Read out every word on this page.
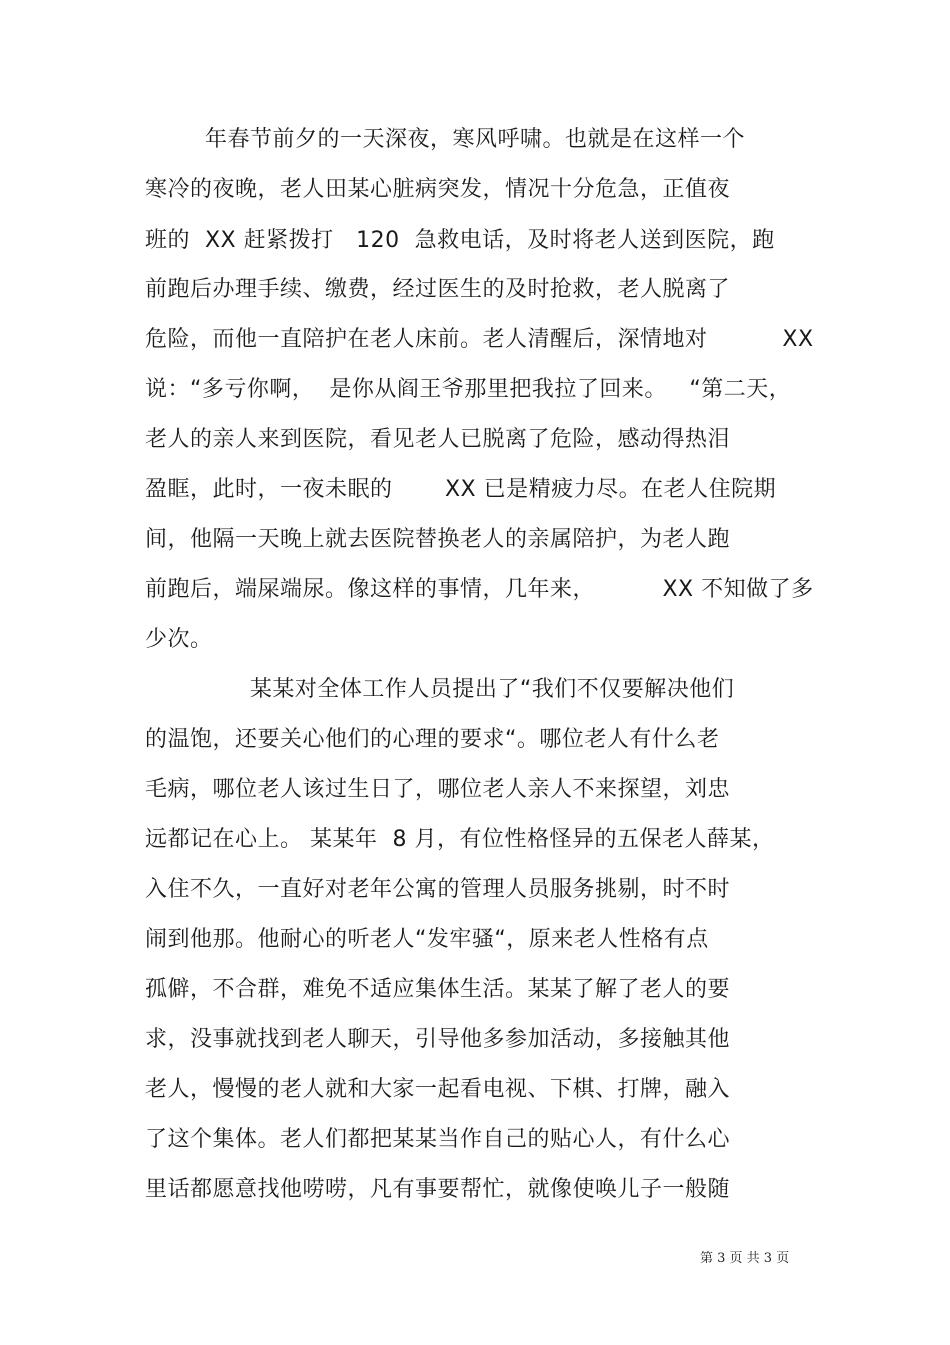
年春节前夕的一天深夜，寒风呼啸。也就是在这样一个
寒冷的夜晚，老人田某心脏病突发，情况十分危急，正值夜
班的  XX 赶紧拨打   120  急救电话，及时将老人送到医院，跑
前跑后办理手续、缴费，经过医生的及时抢救，老人脱离了
危险，而他一直陪护在老人床前。老人清醒后，深情地对          XX
说：“多亏你啊，  是你从阎王爷那里把我拉了回来。   “第二天，
老人的亲人来到医院，看见老人已脱离了危险，感动得热泪
盈眶，此时，一夜未眠的       XX 已是精疲力尽。在老人住院期
间，他隔一天晚上就去医院替换老人的亲属陪护，为老人跑
前跑后，端屎端尿。像这样的事情，几年来，         XX 不知做了多
少次。
某某对全体工作人员提出了“我们不仅要解决他们
的温饱，还要关心他们的心理的要求“。哪位老人有什么老
毛病，哪位老人该过生日了，哪位老人亲人不来探望，刘忠
远都记在心上。 某某年  8 月，有位性格怪异的五保老人薛某，
入住不久，一直好对老年公寓的管理人员服务挑剔，时不时
闹到他那。他耐心的听老人“发牢骚“，原来老人性格有点
孤僻，不合群，难免不适应集体生活。某某了解了老人的要
求，没事就找到老人聊天，引导他多参加活动，多接触其他
老人，慢慢的老人就和大家一起看电视、下棋、打牌，融入
了这个集体。老人们都把某某当作自己的贴心人，有什么心
里话都愿意找他唠唠，凡有事要帮忙，就像使唤儿子一般随
第 3 页 共 3 页
